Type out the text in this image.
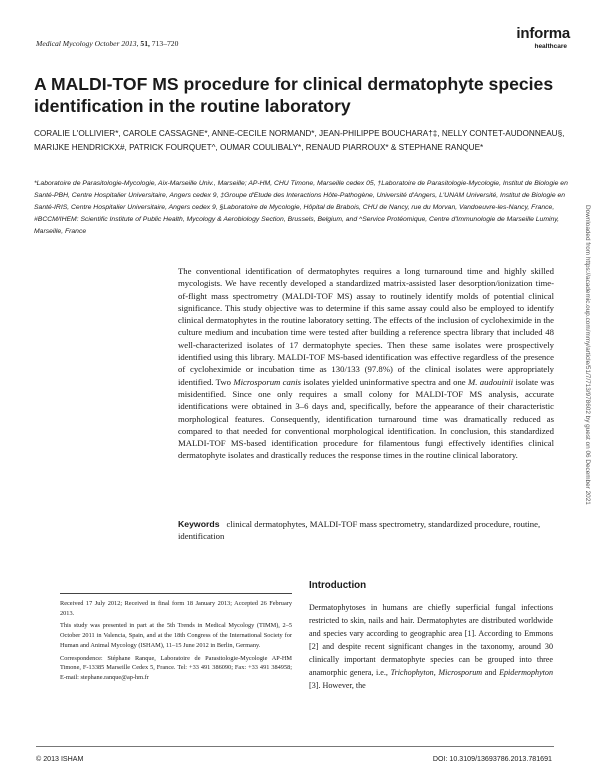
Medical Mycology October 2013, 51, 713–720
informa
healthcare
A MALDI-TOF MS procedure for clinical dermatophyte species identification in the routine laboratory
CORALIE L'OLLIVIER*, CAROLE CASSAGNE*, ANNE-CECILE NORMAND*, JEAN-PHILIPPE BOUCHARA†‡, NELLY CONTET-AUDONNEAU§, MARIJKE HENDRICKX#, PATRICK FOURQUET^, OUMAR COULIBALY*, RENAUD PIARROUX* & STEPHANE RANQUE*
*Laboratoire de Parasitologie-Mycologie, Aix-Marseille Univ., Marseille; AP-HM, CHU Timone, Marseille cedex 05, †Laboratoire de Parasitologie-Mycologie, Institut de Biologie en Santé-PBH, Centre Hospitalier Universitaire, Angers cedex 9, ‡Groupe d'Etude des Interactions Hôte-Pathogène, Université d'Angers, L'UNAM Université, Institut de Biologie en Santé-IRIS, Centre Hospitalier Universitaire, Angers cedex 9, §Laboratoire de Mycologie, Hôpital de Brabois, CHU de Nancy, rue du Morvan, Vandoeuvre-les-Nancy, France, #BCCM/IHEM: Scientific Institute of Public Health, Mycology & Aerobiology Section, Brussels, Belgium, and ^Service Protéomique, Centre d'Immunologie de Marseille Luminy, Marseille, France
The conventional identification of dermatophytes requires a long turnaround time and highly skilled mycologists. We have recently developed a standardized matrix-assisted laser desorption/ionization time-of-flight mass spectrometry (MALDI-TOF MS) assay to routinely identify molds of potential clinical significance. This study objective was to determine if this same assay could also be employed to identify clinical dermatophytes in the routine laboratory setting. The effects of the inclusion of cycloheximide in the culture medium and incubation time were tested after building a reference spectra library that included 48 well-characterized isolates of 17 dermatophyte species. Then these same isolates were prospectively identified using this library. MALDI-TOF MS-based identification was effective regardless of the presence of cycloheximide or incubation time as 130/133 (97.8%) of the clinical isolates were appropriately identified. Two Microsporum canis isolates yielded uninformative spectra and one M. audouinii isolate was misidentified. Since one only requires a small colony for MALDI-TOF MS analysis, accurate identifications were obtained in 3–6 days and, specifically, before the appearance of their characteristic morphological features. Consequently, identification turnaround time was dramatically reduced as compared to that needed for conventional morphological identification. In conclusion, this standardized MALDI-TOF MS-based identification procedure for filamentous fungi effectively identifies clinical dermatophyte isolates and drastically reduces the response times in the routine clinical laboratory.
Keywords clinical dermatophytes, MALDI-TOF mass spectrometry, standardized procedure, routine, identification

Received 17 July 2012; Received in final form 18 January 2013; Accepted 26 February 2013.

This study was presented in part at the 5th Trends in Medical Mycology (TIMM), 2–5 October 2011 in Valencia, Spain, and at the 18th Congress of the International Society for Human and Animal Mycology (ISHAM), 11–15 June 2012 in Berlin, Germany.

Correspondence: Stéphane Ranque, Laboratoire de Parasitologie-Mycologie AP-HM Timone, F-13385 Marseille Cedex 5, France. Tel: +33 491 386090; Fax: +33 491 384958; E-mail: stephane.ranque@ap-hm.fr

Introduction
Dermatophytoses in humans are chiefly superficial fungal infections restricted to skin, nails and hair. Dermatophytes are distributed worldwide and species vary according to geographic area [1]. According to Emmons [2] and despite recent significant changes in the taxonomy, around 30 clinically important dermatophyte species can be grouped into three anamorphic genera, i.e., Trichophyton, Microsporum and Epidermophyton [3]. However, the
© 2013 ISHAM	DOI: 10.3109/13693786.2013.781691
Downloaded from https://academic.oup.com/mmy/article/51/7/713/978602 by guest on 06 December 2021
